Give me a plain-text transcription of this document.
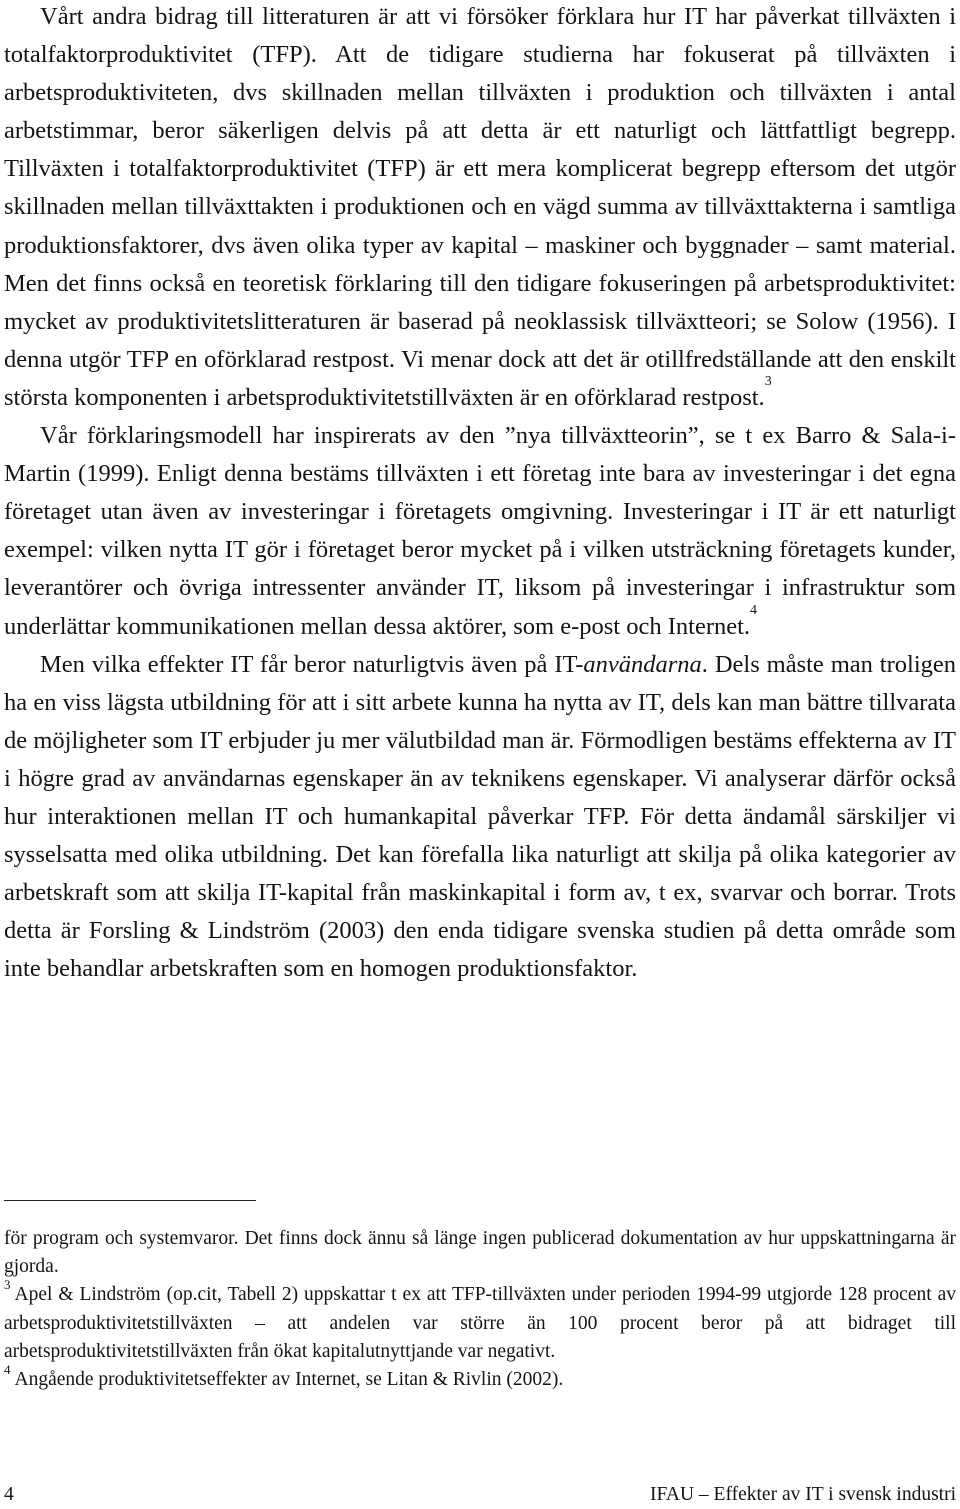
Vårt andra bidrag till litteraturen är att vi försöker förklara hur IT har påverkat tillväxten i totalfaktorproduktivitet (TFP). Att de tidigare studierna har fokuserat på tillväxten i arbetsproduktiviteten, dvs skillnaden mellan tillväxten i produktion och tillväxten i antal arbetstimmar, beror säkerligen delvis på att detta är ett naturligt och lättfattligt begrepp. Tillväxten i totalfaktorproduktivitet (TFP) är ett mera komplicerat begrepp eftersom det utgör skillnaden mellan tillväxttakten i produktionen och en vägd summa av tillväxttakterna i samtliga produktionsfaktorer, dvs även olika typer av kapital – maskiner och byggnader – samt material. Men det finns också en teoretisk förklaring till den tidigare fokuseringen på arbetsproduktivitet: mycket av produktivitetslitteraturen är baserad på neoklassisk tillväxtteori; se Solow (1956). I denna utgör TFP en oförklarad restpost. Vi menar dock att det är otillfredställande att den enskilt största komponenten i arbetsproduktivitetstillväxten är en oförklarad restpost.$^3$

Vår förklaringsmodell har inspirerats av den ”nya tillväxtteorin”, se t ex Barro & Sala-i-Martin (1999). Enligt denna bestäms tillväxten i ett företag inte bara av investeringar i det egna företaget utan även av investeringar i företagets omgivning. Investeringar i IT är ett naturligt exempel: vilken nytta IT gör i företaget beror mycket på i vilken utsträckning företagets kunder, leverantörer och övriga intressenter använder IT, liksom på investeringar i infrastruktur som underlättar kommunikationen mellan dessa aktörer, som e-post och Internet.$^4$

Men vilka effekter IT får beror naturligtvis även på IT-användarna. Dels måste man troligen ha en viss lägsta utbildning för att i sitt arbete kunna ha nytta av IT, dels kan man bättre tillvarata de möjligheter som IT erbjuder ju mer välutbildad man är. Förmodligen bestäms effekterna av IT i högre grad av användarnas egenskaper än av teknikens egenskaper. Vi analyserar därför också hur interaktionen mellan IT och humankapital påverkar TFP. För detta ändamål särskiljer vi sysselsatta med olika utbildning. Det kan förefalla lika naturligt att skilja på olika kategorier av arbetskraft som att skilja IT-kapital från maskinkapital i form av, t ex, svarvar och borrar. Trots detta är Forsling & Lindström (2003) den enda tidigare svenska studien på detta område som inte behandlar arbetskraften som en homogen produktionsfaktor.

för program och systemvaror. Det finns dock ännu så länge ingen publicerad dokumentation av hur uppskattningarna är gjorda.

$^3$ Apel & Lindström (op.cit, Tabell 2) uppskattar t ex att TFP-tillväxten under perioden 1994-99 utgjorde 128 procent av arbetsproduktivitetstillväxten – att andelen var större än 100 procent beror på att bidraget till arbetsproduktivitetstillväxten från ökat kapitalutnyttjande var negativt.

$^4$ Angående produktivitetseffekter av Internet, se Litan & Rivlin (2002).

4	IFAU – Effekter av IT i svensk industri
